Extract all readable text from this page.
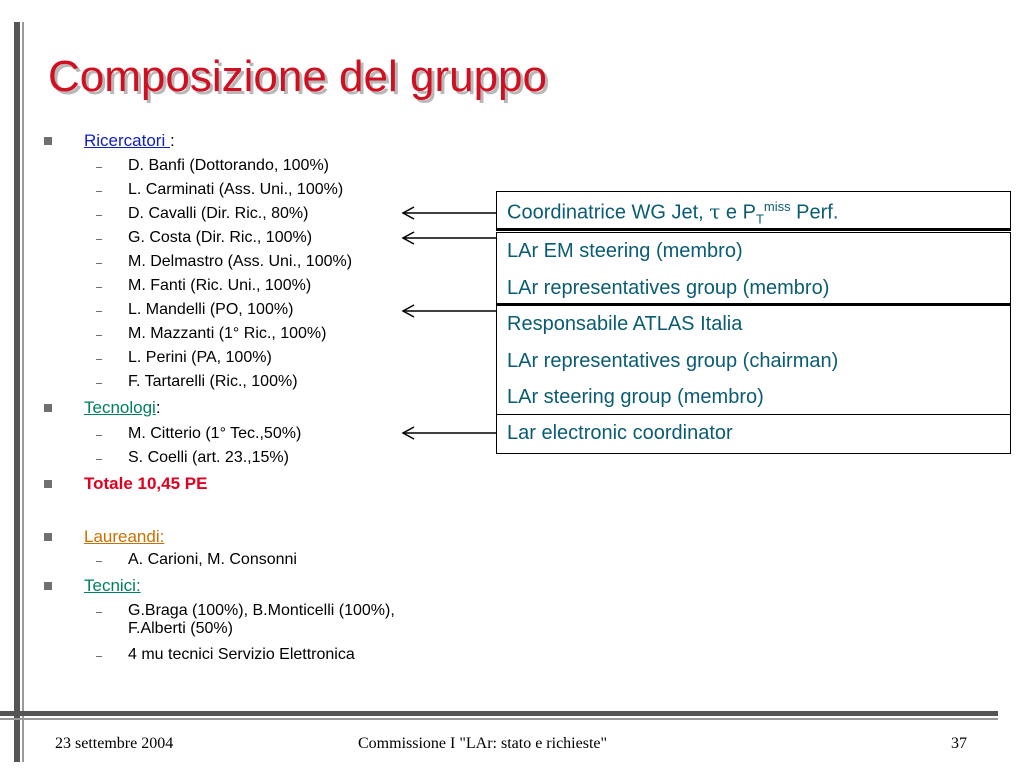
Composizione del gruppo
Ricercatori :
D. Banfi (Dottorando, 100%)
L. Carminati (Ass. Uni., 100%)
D. Cavalli (Dir. Ric., 80%)
G. Costa (Dir. Ric., 100%)
M. Delmastro (Ass. Uni., 100%)
M. Fanti (Ric. Uni., 100%)
L. Mandelli (PO, 100%)
M. Mazzanti (1° Ric., 100%)
L. Perini (PA, 100%)
F. Tartarelli (Ric., 100%)
Tecnologi:
M. Citterio (1° Tec.,50%)
S. Coelli (art. 23.,15%)
Totale 10,45 PE
Laureandi:
A. Carioni, M. Consonni
Tecnici:
G.Braga (100%), B.Monticelli (100%),
F.Alberti (50%)
4 mu tecnici Servizio Elettronica
Coordinatrice WG Jet, τ e $P_T^{miss}$ Perf.
LAr EM steering (membro)
LAr representatives group (membro)
Responsabile ATLAS Italia
LAr representatives group (chairman)
LAr steering group (membro)
Lar electronic coordinator
23 settembre 2004	Commissione I "LAr: stato e richieste"	37
